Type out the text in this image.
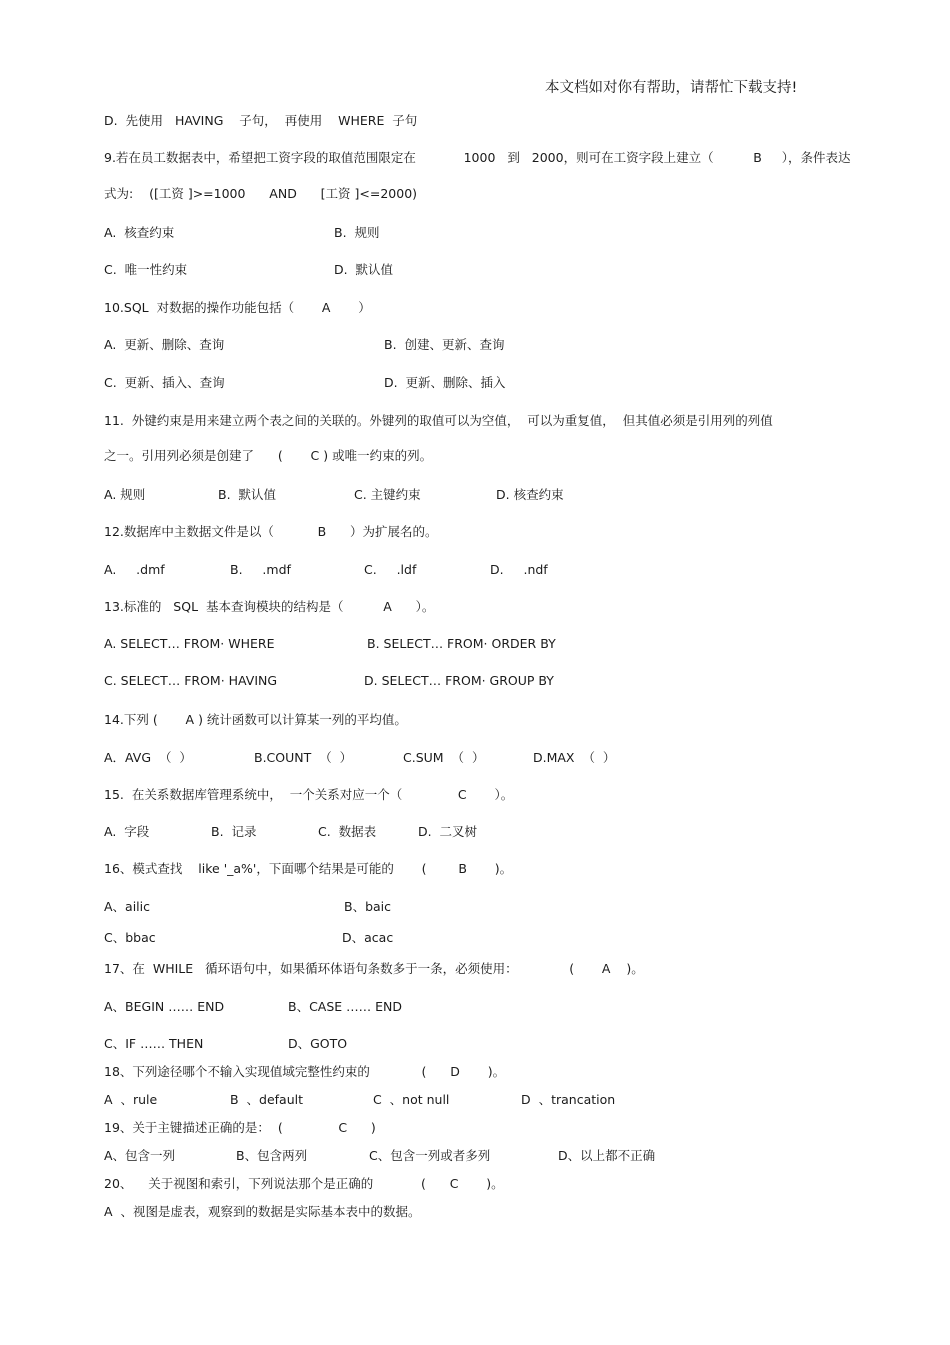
本文档如对你有帮助，请帮忙下载支持!
D.  先使用   HAVING    子句，  再使用    WHERE  子句
9.若在员工数据表中，希望把工资字段的取值范围限定在            1000   到   2000，则可在工资字段上建立（          B     ），条件表达
式为:    ([工资 ]>=1000      AND      [工资 ]<=2000)
A.  核查约束	B.  规则
C.  唯一性约束	D.  默认值
10.SQL  对数据的操作功能包括（       A       ）
A.  更新、删除、查询	B.  创建、更新、查询
C.  更新、插入、查询	D.  更新、删除、插入
11.  外键约束是用来建立两个表之间的关联的。外键列的取值可以为空值，  可以为重复值，  但其值必须是引用列的列值
之一。引用列必须是创建了      (       C ) 或唯一约束的列。
A. 规则	B.  默认值	C. 主键约束	D. 核查约束
12.数据库中主数据文件是以（           B      ）为扩展名的。
A.     .dmf	B.     .mdf	C.     .ldf	D.     .ndf
13.标准的   SQL  基本查询模块的结构是（          A      ）。
A. SELECT… FROM· WHERE	B. SELECT… FROM· ORDER BY
C. SELECT… FROM· HAVING	D. SELECT… FROM· GROUP BY
14.下列 (       A ) 统计函数可以计算某一列的平均值。
A．AVG  （  ）	B.COUNT  （  ）	C.SUM  （  ）	D.MAX  （  ）
15.  在关系数据库管理系统中，  一个关系对应一个（              C       ）。
A.  字段	B.  记录	C.  数据表	D.  二叉树
16、模式查找    like '_a%'，下面哪个结果是可能的       (        B       )。
A、ailic	B、baic
C、bbac	D、acac
17、在  WHILE   循环语句中，如果循环体语句条数多于一条，必须使用：             (       A    )。
A、BEGIN …… END	B、CASE …… END
C、IF …… THEN	D、GOTO
18、下列途径哪个不输入实现值域完整性约束的             (      D       )。
A  、rule	B  、default	C  、not null	D  、trancation
19、关于主键描述正确的是：  (              C      )
A、包含一列	B、包含两列	C、包含一列或者多列	D、以上都不正确
20、    关于视图和索引，下列说法那个是正确的            (      C       )。
A  、视图是虚表，观察到的数据是实际基本表中的数据。
